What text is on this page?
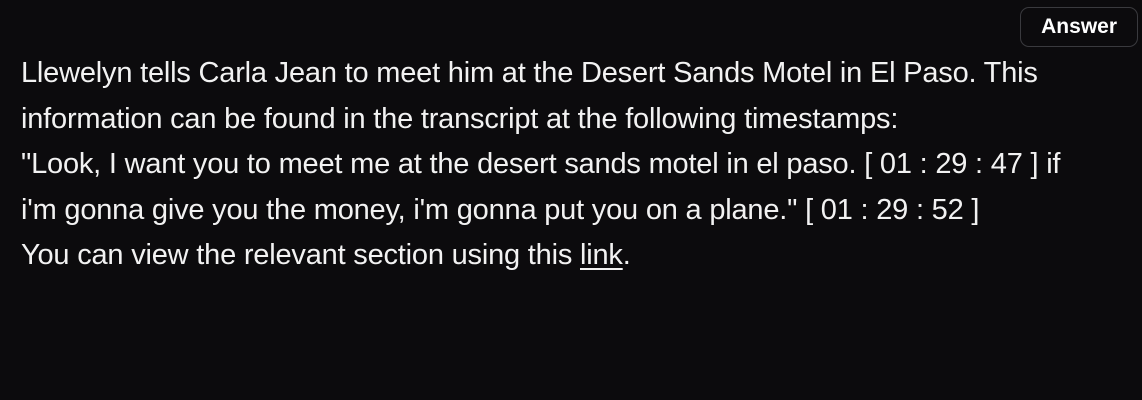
Answer

Llewelyn tells Carla Jean to meet him at the Desert Sands Motel in El Paso. This information can be found in the transcript at the following timestamps:

"Look, I want you to meet me at the desert sands motel in el paso. [ 01 : 29 : 47 ] if i'm gonna give you the money, i'm gonna put you on a plane." [ 01 : 29 : 52 ]

You can view the relevant section using this link.
